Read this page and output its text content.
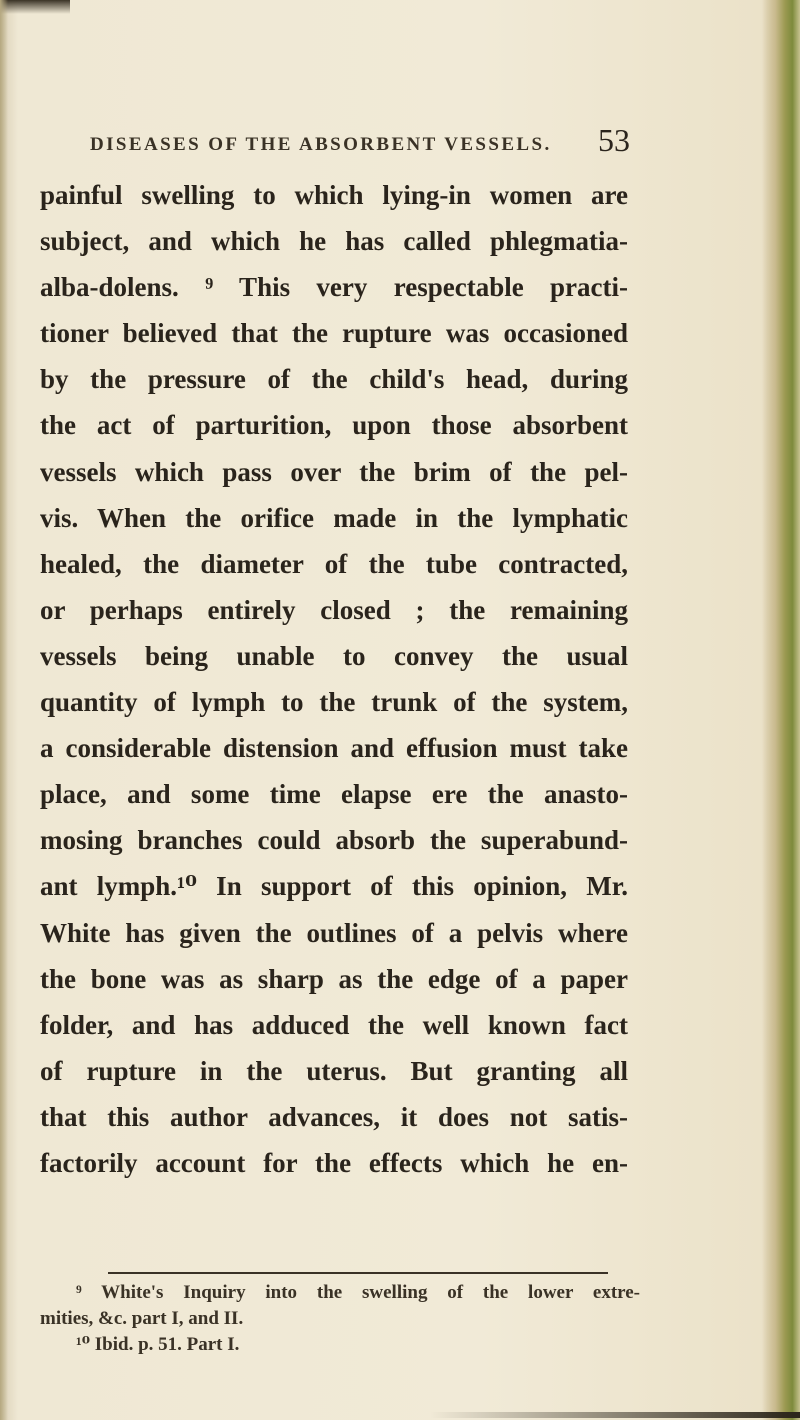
DISEASES OF THE ABSORBENT VESSELS. 53
painful swelling to which lying-in women are
subject, and which he has called phlegmatia-
alba-dolens. ⁹ This very respectable practi-
tioner believed that the rupture was occasioned
by the pressure of the child's head, during
the act of parturition, upon those absorbent
vessels which pass over the brim of the pel-
vis. When the orifice made in the lymphatic
healed, the diameter of the tube contracted,
or perhaps entirely closed ; the remaining
vessels being unable to convey the usual
quantity of lymph to the trunk of the system,
a considerable distension and effusion must take
place, and some time elapse ere the anasto-
mosing branches could absorb the superabund-
ant lymph.¹⁰ In support of this opinion, Mr.
White has given the outlines of a pelvis where
the bone was as sharp as the edge of a paper
folder, and has adduced the well known fact
of rupture in the uterus. But granting all
that this author advances, it does not satis-
factorily account for the effects which he en-
⁹ White's Inquiry into the swelling of the lower extre-
mities, &c. part I, and II.
¹⁰ Ibid. p. 51. Part I.
